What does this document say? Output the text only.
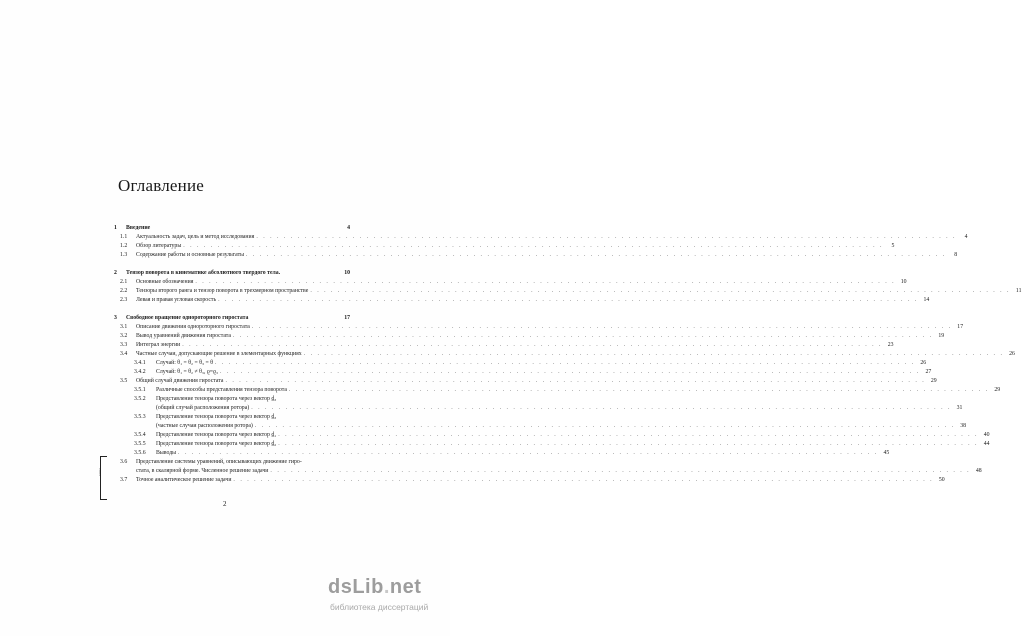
Оглавление
1	Введение	4
1.1	Актуальность задач, цель и метод исследования . . .	4
1.2	Обзор литературы . . .	5
1.3	Содержание работы и основные результаты . . .	8
2	Тензор поворота в кинематике абсолютного твердого тела.	10
2.1	Основные обозначения . . .	10
2.2	Тензоры второго ранга и тензор поворота в трехмерном пространстве . . .	11
2.3	Левая и правая угловая скорость . . .	14
3	Свободное вращение однороторного гиростата	17
3.1	Описание движения однороторного гиростата . . .	17
3.2	Вывод уравнений движения гиростата . . .	19
3.3	Интеграл энергии . . .	23
3.4	Частные случаи, допускающие решение в элементарных функциях . . .	26
3.4.1	Случай: θ₁ = θ₂ = θ₃ = θ . . .	26
3.4.2	Случай: θ₁ = θ₂ ≠ θ₃, ϱ=ϱ₃ . . .	27
3.5	Общий случай движения гиростата . . .	29
3.5.1	Различные способы представления тензора поворота . . .	29
3.5.2	Представление тензора поворота через вектор d̲₃
(общий случай расположения ротора) . . .	31
3.5.3	Представление тензора поворота через вектор d̲₃
(частные случаи расположения ротора) . . .	38
3.5.4	Представление тензора поворота через вектор d̲₁ . . .	40
3.5.5	Представление тензора поворота через вектор d̲₂ . . .	44
3.5.6	Выводы . . .	45
3.6	Представление системы уравнений, описывающих движение гиро-
стата, в скалярной форме. Численное решение задачи . . .	48
3.7	Точное аналитическое решение задачи . . .	50
·—·
2
dsLib.net
библиотека диссертаций
